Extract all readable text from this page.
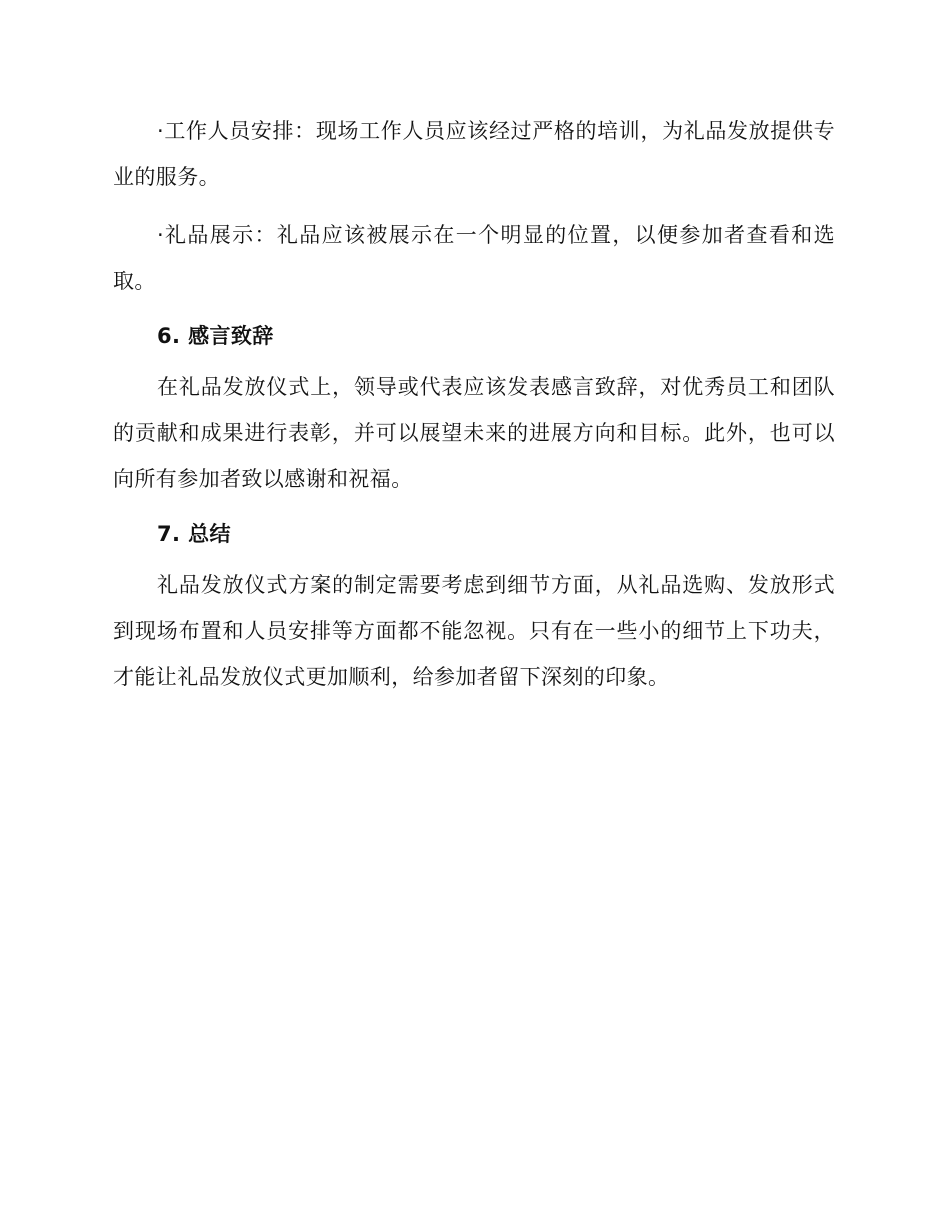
·工作人员安排：现场工作人员应该经过严格的培训，为礼品发放提供专业的服务。

·礼品展示：礼品应该被展示在一个明显的位置，以便参加者查看和选取。

6. 感言致辞

在礼品发放仪式上，领导或代表应该发表感言致辞，对优秀员工和团队的贡献和成果进行表彰，并可以展望未来的进展方向和目标。此外，也可以向所有参加者致以感谢和祝福。

7. 总结

礼品发放仪式方案的制定需要考虑到细节方面，从礼品选购、发放形式到现场布置和人员安排等方面都不能忽视。只有在一些小的细节上下功夫，才能让礼品发放仪式更加顺利，给参加者留下深刻的印象。
